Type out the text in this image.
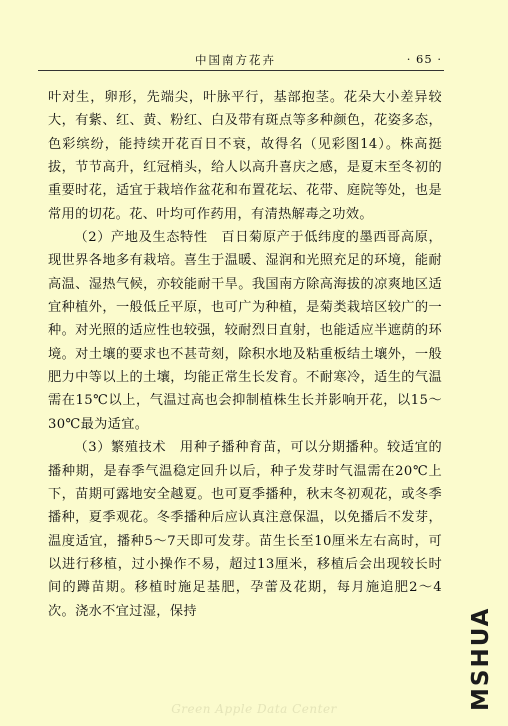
中国南方花卉	· 65 ·

叶对生，卵形，先端尖，叶脉平行，基部抱茎。花朵大小差异较大，有紫、红、黄、粉红、白及带有斑点等多种颜色，花姿多态，色彩缤纷，能持续开花百日不衰，故得名（见彩图14）。株高挺拔，节节高升，红冠梢头，给人以高升喜庆之感，是夏末至冬初的重要时花，适宜于栽培作盆花和布置花坛、花带、庭院等处，也是常用的切花。花、叶均可作药用，有清热解毒之功效。

（2）产地及生态特性　百日菊原产于低纬度的墨西哥高原，现世界各地多有栽培。喜生于温暖、湿润和光照充足的环境，能耐高温、湿热气候，亦较能耐干旱。我国南方除高海拔的凉爽地区适宜种植外，一般低丘平原，也可广为种植，是菊类栽培区较广的一种。对光照的适应性也较强，较耐烈日直射，也能适应半遮荫的环境。对土壤的要求也不甚苛刻，除积水地及粘重板结土壤外，一般肥力中等以上的土壤，均能正常生长发育。不耐寒冷，适生的气温需在15℃以上，气温过高也会抑制植株生长并影响开花，以15～30℃最为适宜。

（3）繁殖技术　用种子播种育苗，可以分期播种。较适宜的播种期，是春季气温稳定回升以后，种子发芽时气温需在20℃上下，苗期可露地安全越夏。也可夏季播种，秋末冬初观花，或冬季播种，夏季观花。冬季播种后应认真注意保温，以免播后不发芽，温度适宜，播种5～7天即可发芽。苗生长至10厘米左右高时，可以进行移植，过小操作不易，超过13厘米，移植后会出现较长时间的蹲苗期。移植时施足基肥，孕蕾及花期，每月施追肥2～4次。浇水不宜过湿，保持	MSHUA
Green Apple Data Center
